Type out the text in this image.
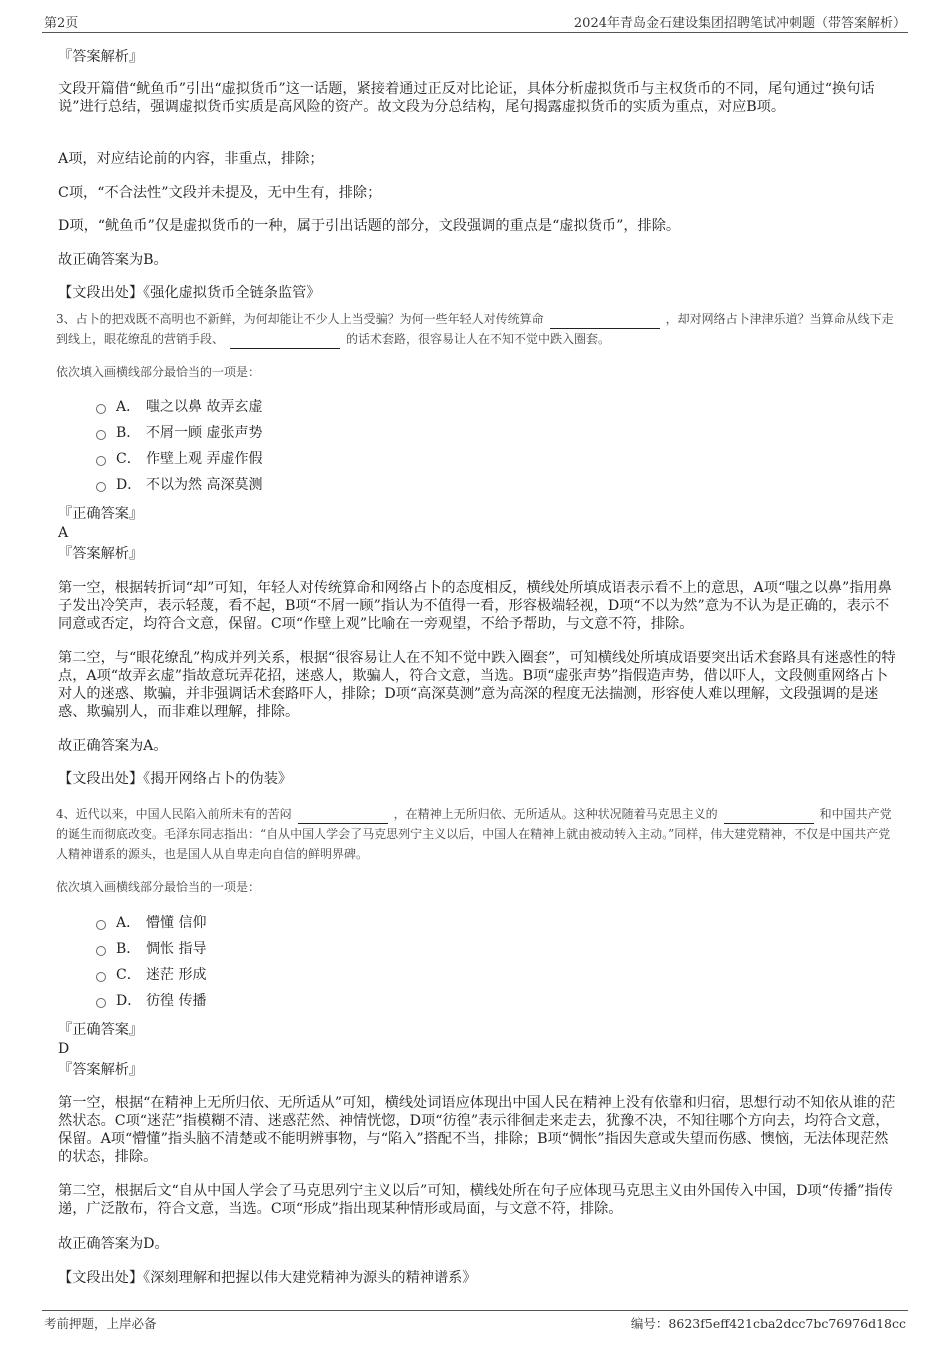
第2页	2024年青岛金石建设集团招聘笔试冲刺题（带答案解析）
『答案解析』
文段开篇借“鱿鱼币”引出“虚拟货币”这一话题，紧接着通过正反对比论证，具体分析虚拟货币与主权货币的不同，尾句通过“换句话说”进行总结，强调虚拟货币实质是高风险的资产。故文段为分总结构，尾句揭露虚拟货币的实质为重点，对应B项。
A项，对应结论前的内容，非重点，排除；
C项，“不合法性”文段并未提及，无中生有，排除；
D项，“鱿鱼币”仅是虚拟货币的一种，属于引出话题的部分，文段强调的重点是“虚拟货币”，排除。
故正确答案为B。
【文段出处】《强化虚拟货币全链条监管》
3、占卜的把戏既不高明也不新鲜，为何却能让不少人上当受骗？为何一些年轻人对传统算命	，却对网络占卜津津乐道？当算命从线下走到线上，眼花缭乱的营销手段、	的话术套路，很容易让人在不知不觉中跌入圈套。
依次填入画横线部分最恰当的一项是：
A． 嗤之以鼻 故弄玄虚
B． 不屑一顾 虚张声势
C． 作壁上观 弄虚作假
D． 不以为然 高深莫测
『正确答案』
A
『答案解析』
第一空，根据转折词“却”可知，年轻人对传统算命和网络占卜的态度相反，横线处所填成语表示看不上的意思，A项“嗤之以鼻”指用鼻子发出冷笑声，表示轻蔑，看不起，B项“不屑一顾”指认为不值得一看，形容极端轻视，D项“不以为然”意为不认为是正确的，表示不同意或否定，均符合文意，保留。C项“作壁上观”比喻在一旁观望，不给予帮助，与文意不符，排除。
第二空，与“眼花缭乱”构成并列关系，根据“很容易让人在不知不觉中跌入圈套”，可知横线处所填成语要突出话术套路具有迷惑性的特点，A项“故弄玄虚”指故意玩弄花招，迷惑人，欺骗人，符合文意，当选。B项“虚张声势”指假造声势，借以吓人，文段侧重网络占卜对人的迷惑、欺骗，并非强调话术套路吓人，排除；D项“高深莫测”意为高深的程度无法揣测，形容使人难以理解，文段强调的是迷惑、欺骗别人，而非难以理解，排除。
故正确答案为A。
【文段出处】《揭开网络占卜的伪装》
4、近代以来，中国人民陷入前所未有的苦闷	，在精神上无所归依、无所适从。这种状况随着马克思主义的	和中国共产党的诞生而彻底改变。毛泽东同志指出：“自从中国人学会了马克思列宁主义以后，中国人在精神上就由被动转入主动。”同样，伟大建党精神，不仅是中国共产党人精神谱系的源头，也是国人从自卑走向自信的鲜明界碑。
依次填入画横线部分最恰当的一项是：
A． 懵懂 信仰
B． 惆怅 指导
C． 迷茫 形成
D． 彷徨 传播
『正确答案』
D
『答案解析』
第一空，根据“在精神上无所归依、无所适从”可知，横线处词语应体现出中国人民在精神上没有依靠和归宿，思想行动不知依从谁的茫然状态。C项“迷茫”指模糊不清、迷惑茫然、神情恍惚，D项“彷徨”表示徘徊走来走去，犹豫不决，不知往哪个方向去，均符合文意，保留。A项“懵懂”指头脑不清楚或不能明辨事物，与“陷入”搭配不当，排除；B项“惆怅”指因失意或失望而伤感、懊恼，无法体现茫然的状态，排除。
第二空，根据后文“自从中国人学会了马克思列宁主义以后”可知，横线处所在句子应体现马克思主义由外国传入中国，D项“传播”指传递，广泛散布，符合文意，当选。C项“形成”指出现某种情形或局面，与文意不符，排除。
故正确答案为D。
【文段出处】《深刻理解和把握以伟大建党精神为源头的精神谱系》
考前押题，上岸必备	编号：8623f5eff421cba2dcc7bc76976d18cc
